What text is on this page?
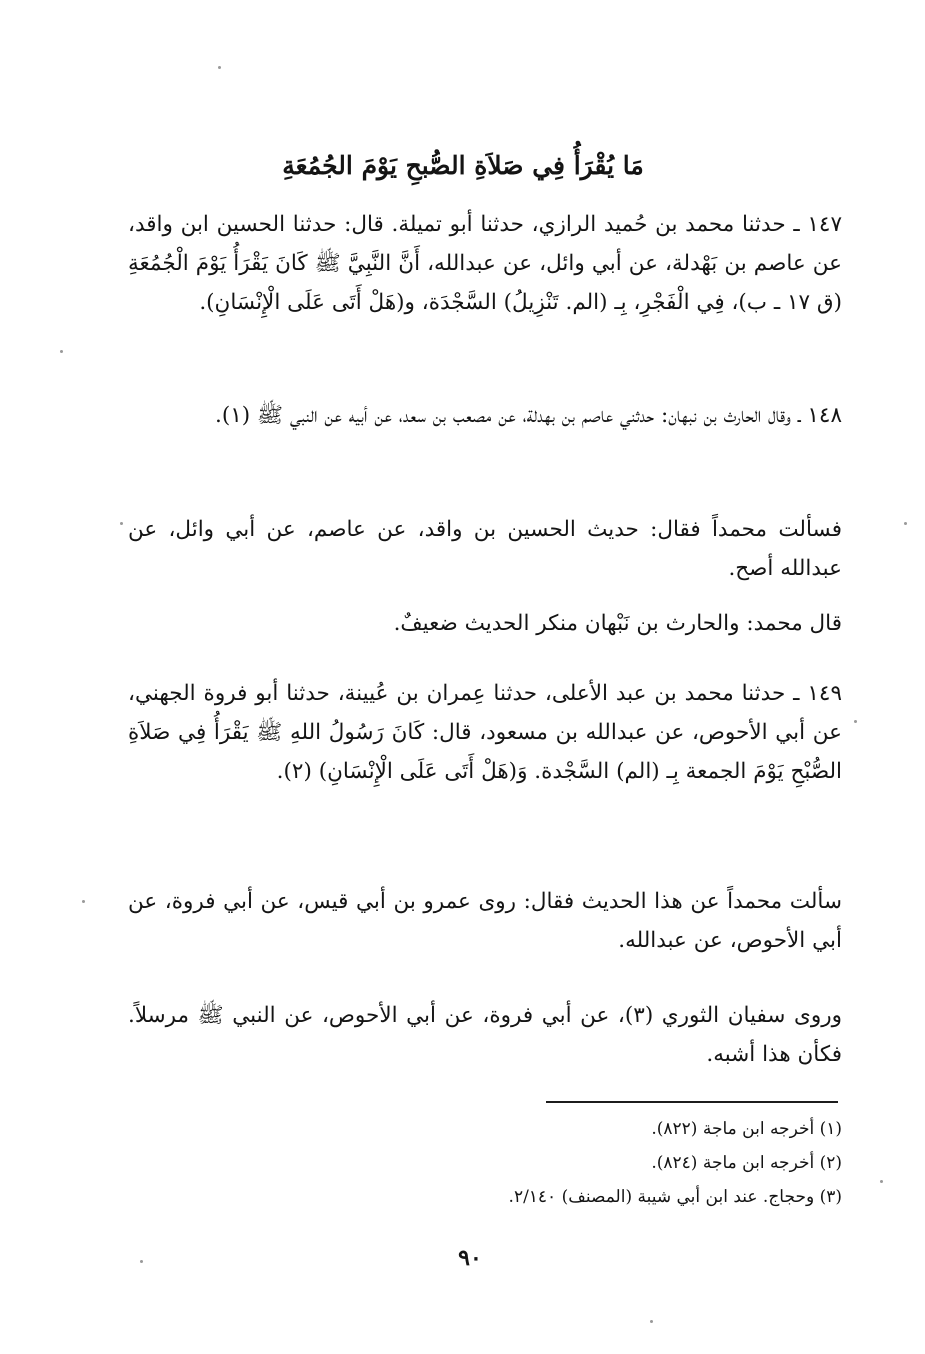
مَا يُقْرَأُ فِي صَلاَةِ الصُّبحِ يَوْمَ الجُمُعَةِ

١٤٧ ـ حدثنا محمد بن حُميد الرازي، حدثنا أبو تميلة. قال: حدثنا الحسين ابن واقد، عن عاصم بن بَهْدلة، عن أبي وائل، عن عبدالله، أَنَّ النَّبِيَّ ﷺ كَانَ يَقْرَأُ يَوْمَ الْجُمُعَةِ (ق ١٧ ـ ب)، فِي الْفَجْرِ، بِـ (الم. تَنْزِيلُ) السَّجْدَة، و(هَلْ أَتَى عَلَى الْإِنْسَانِ).

١٤٨ ـ وقال الحارث بن نبهان: حدثني عاصم بن بهدلة، عن مصعب بن سعد، عن أبيه عن النبي ﷺ (١).

فسألت محمداً فقال: حديث الحسين بن واقد، عن عاصم، عن أبي وائل، عن عبدالله أصح.

قال محمد: والحارث بن نَبْهان منكر الحديث ضعيفٌ.

١٤٩ ـ حدثنا محمد بن عبد الأعلى، حدثنا عِمران بن عُيينة، حدثنا أبو فروة الجهني، عن أبي الأحوص، عن عبدالله بن مسعود، قال: كَانَ رَسُولُ اللهِ ﷺ يَقْرَأُ فِي صَلاَةِ الصُّبْحِ يَوْمَ الجمعة بِـ (الم) السَّجْدة. وَ(هَلْ أَتَى عَلَى الْإِنْسَانِ) (٢).

سألت محمداً عن هذا الحديث فقال: روى عمرو بن أبي قيس، عن أبي فروة، عن أبي الأحوص، عن عبدالله.

وروى سفيان الثوري (٣)، عن أبي فروة، عن أبي الأحوص، عن النبي ﷺ مرسلاً. فكأن هذا أشبه.

(١) أخرجه ابن ماجة (٨٢٢).

(٢) أخرجه ابن ماجة (٨٢٤).

(٣) وحجاج. عند ابن أبي شيبة (المصنف) ٢/١٤٠.

٩٠
